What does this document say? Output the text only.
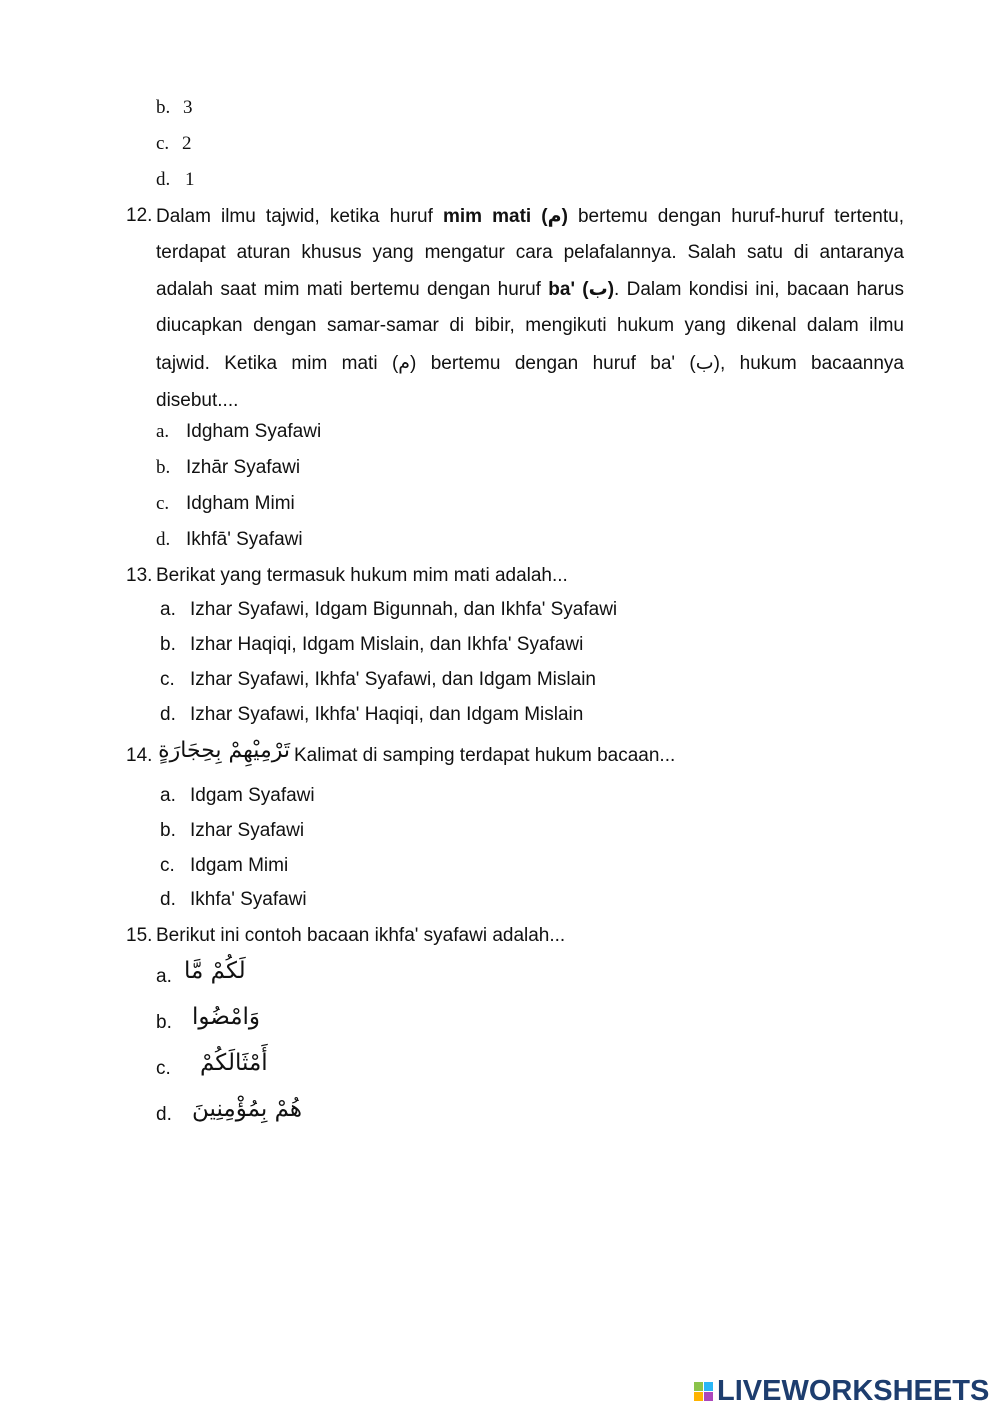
b. 3
c. 2
d. 1
12. Dalam ilmu tajwid, ketika huruf mim mati (م) bertemu dengan huruf-huruf tertentu,
terdapat aturan khusus yang mengatur cara pelafalannya. Salah satu di antaranya
adalah saat mim mati bertemu dengan huruf ba' (ب). Dalam kondisi ini, bacaan harus
diucapkan dengan samar-samar di bibir, mengikuti hukum yang dikenal dalam ilmu
tajwid. Ketika mim mati (م) bertemu dengan huruf ba' (ب), hukum bacaannya
disebut....
a. Idgham Syafawi
b. Izhār Syafawi
c. Idgham Mimi
d. Ikhfā' Syafawi
13. Berikat yang termasuk hukum mim mati adalah...
a. Izhar Syafawi, Idgam Bigunnah, dan Ikhfa' Syafawi
b. Izhar Haqiqi, Idgam Mislain, dan Ikhfa' Syafawi
c. Izhar Syafawi, Ikhfa' Syafawi, dan Idgam Mislain
d. Izhar Syafawi, Ikhfa' Haqiqi, dan Idgam Mislain
14. تَرْمِيْهِمْ بِحِجَارَةٍ Kalimat di samping terdapat hukum bacaan...
a. Idgam Syafawi
b. Izhar Syafawi
c. Idgam Mimi
d. Ikhfa' Syafawi
15. Berikut ini contoh bacaan ikhfa' syafawi adalah...
a. لَكُمْ مَّا
b. وَامْضُوا
c. أَمْثَالَكُمْ
d. هُمْ بِمُؤْمِنِينَ
LIVEWORKSHEETS
